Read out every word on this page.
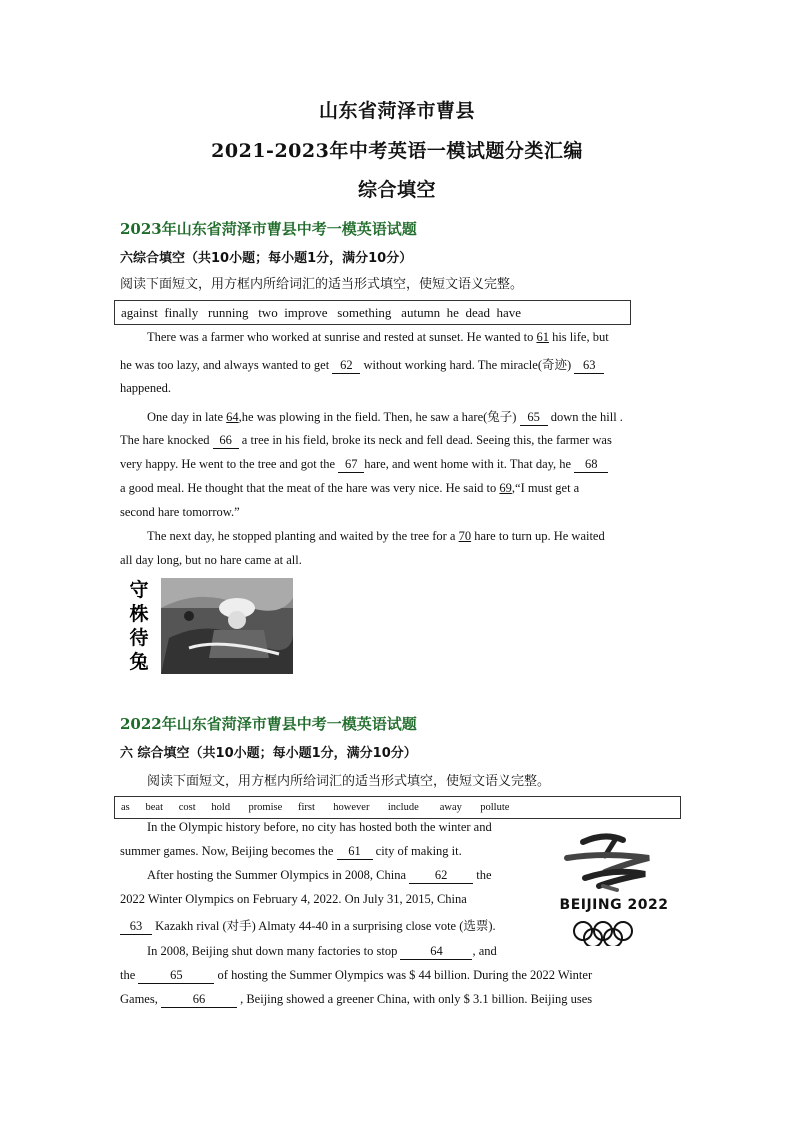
山东省菏泽市曹县
2021-2023年中考英语一模试题分类汇编
综合填空
2023年山东省菏泽市曹县中考一模英语试题
六综合填空（共10小题；每小题1分，满分10分）
阅读下面短文，用方框内所给词汇的适当形式填空，使短文语义完整。
against  finally   running   two  improve   something   autumn  he  dead  have
There was a farmer who worked at sunrise and rested at sunset. He wanted to 61 his life, but
he was too lazy, and always wanted to get 62 without working hard. The miracle(奇迹) 63
happened.
One day in late 64,he was plowing in the field. Then, he saw a hare(兔子) 65 down the hill .
The hare knocked 66 a tree in his field, broke its neck and fell dead. Seeing this, the farmer was
very happy. He went to the tree and got the 67 hare, and went home with it. That day, he 68
a good meal. He thought that the meat of the hare was very nice. He said to 69,“I must get a
second hare tomorrow.”
The next day, he stopped planting and waited by the tree for a 70 hare to turn up. He waited
all day long, but no hare came at all.
守
株
待
兔
2022年山东省菏泽市曹县中考一模英语试题
六 综合填空（共10小题；每小题1分，满分10分）
阅读下面短文，用方框内所给词汇的适当形式填空，使短文语义完整。
as      beat      cost      hold       promise      first       however       include        away       pollute
In the Olympic history before, no city has hosted both the winter and
summer games. Now, Beijing becomes the 61 city of making it.
After hosting the Summer Olympics in 2008, China 62 the
2022 Winter Olympics on February 4, 2022. On July 31, 2015, China
63 Kazakh rival (对手) Almaty 44-40 in a surprising close vote (选票).
In 2008, Beijing shut down many factories to stop 64 , and
the	65	of hosting the Summer Olympics was $ 44 billion. During the 2022 Winter
Games,	66	, Beijing showed a greener China, with only $ 3.1 billion. Beijing uses
BEIJING 2022
